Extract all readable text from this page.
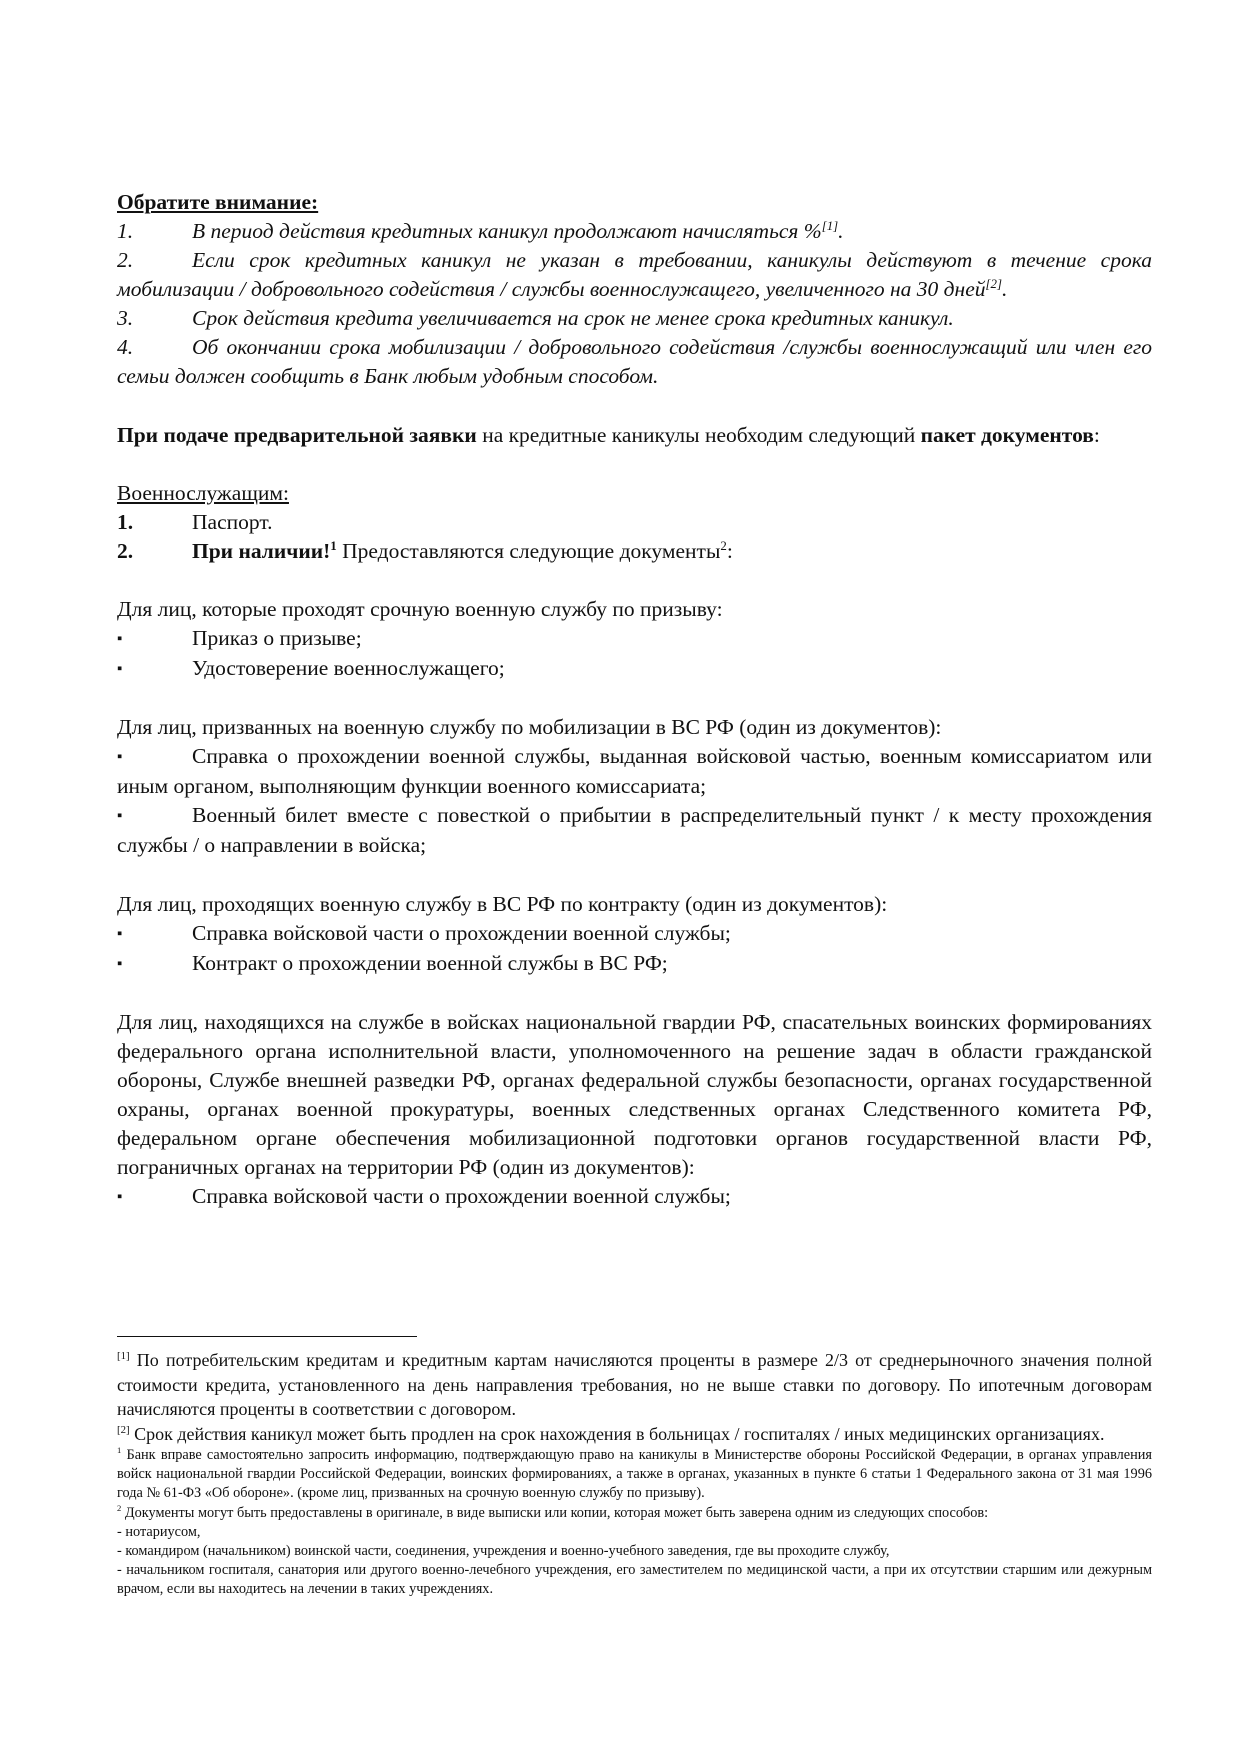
Обратите внимание:

1.	В период действия кредитных каникул продолжают начисляться %[1].

2.	Если срок кредитных каникул не указан в требовании, каникулы действуют в течение срока мобилизации / добровольного содействия / службы военнослужащего, увеличенного на 30 дней[2].

3.	Срок действия кредита увеличивается на срок не менее срока кредитных каникул.

4.	Об окончании срока мобилизации / добровольного содействия /службы военнослужащий или член его семьи должен сообщить в Банк любым удобным способом.

При подаче предварительной заявки на кредитные каникулы необходим следующий пакет документов:

Военнослужащим:

1.	Паспорт.

2.	При наличии!$^1$ Предоставляются следующие документы$^2$:

Для лиц, которые проходят срочную военную службу по призыву:

▪	Приказ о призыве;

▪	Удостоверение военнослужащего;

Для лиц, призванных на военную службу по мобилизации в ВС РФ (один из документов):

▪	Справка о прохождении военной службы, выданная войсковой частью, военным комиссариатом или иным органом, выполняющим функции военного комиссариата;

▪	Военный билет вместе с повесткой о прибытии в распределительный пункт / к месту прохождения службы / о направлении в войска;

Для лиц, проходящих военную службу в ВС РФ по контракту (один из документов):

▪	Справка войсковой части о прохождении военной службы;

▪	Контракт о прохождении военной службы в ВС РФ;

Для лиц, находящихся на службе в войсках национальной гвардии РФ, спасательных воинских формированиях федерального органа исполнительной власти, уполномоченного на решение задач в области гражданской обороны, Службе внешней разведки РФ, органах федеральной службы безопасности, органах государственной охраны, органах военной прокуратуры, военных следственных органах Следственного комитета РФ, федеральном органе обеспечения мобилизационной подготовки органов государственной власти РФ, пограничных органах на территории РФ (один из документов):

▪	Справка войсковой части о прохождении военной службы;

[1] По потребительским кредитам и кредитным картам начисляются проценты в размере 2/3 от среднерыночного значения полной стоимости кредита, установленного на день направления требования, но не выше ставки по договору. По ипотечным договорам начисляются проценты в соответствии с договором.

[2] Срок действия каникул может быть продлен на срок нахождения в больницах / госпиталях / иных медицинских организациях.

$^1$ Банк вправе самостоятельно запросить информацию, подтверждающую право на каникулы в Министерстве обороны Российской Федерации, в органах управления войск национальной гвардии Российской Федерации, воинских формированиях, а также в органах, указанных в пункте 6 статьи 1 Федерального закона от 31 мая 1996 года № 61-ФЗ «Об обороне». (кроме лиц, призванных на срочную военную службу по призыву).

$^2$ Документы могут быть предоставлены в оригинале, в виде выписки или копии, которая может быть заверена одним из следующих способов:

- нотариусом,

- командиром (начальником) воинской части, соединения, учреждения и военно-учебного заведения, где вы проходите службу,

- начальником госпиталя, санатория или другого военно-лечебного учреждения, его заместителем по медицинской части, а при их отсутствии старшим или дежурным врачом, если вы находитесь на лечении в таких учреждениях.
